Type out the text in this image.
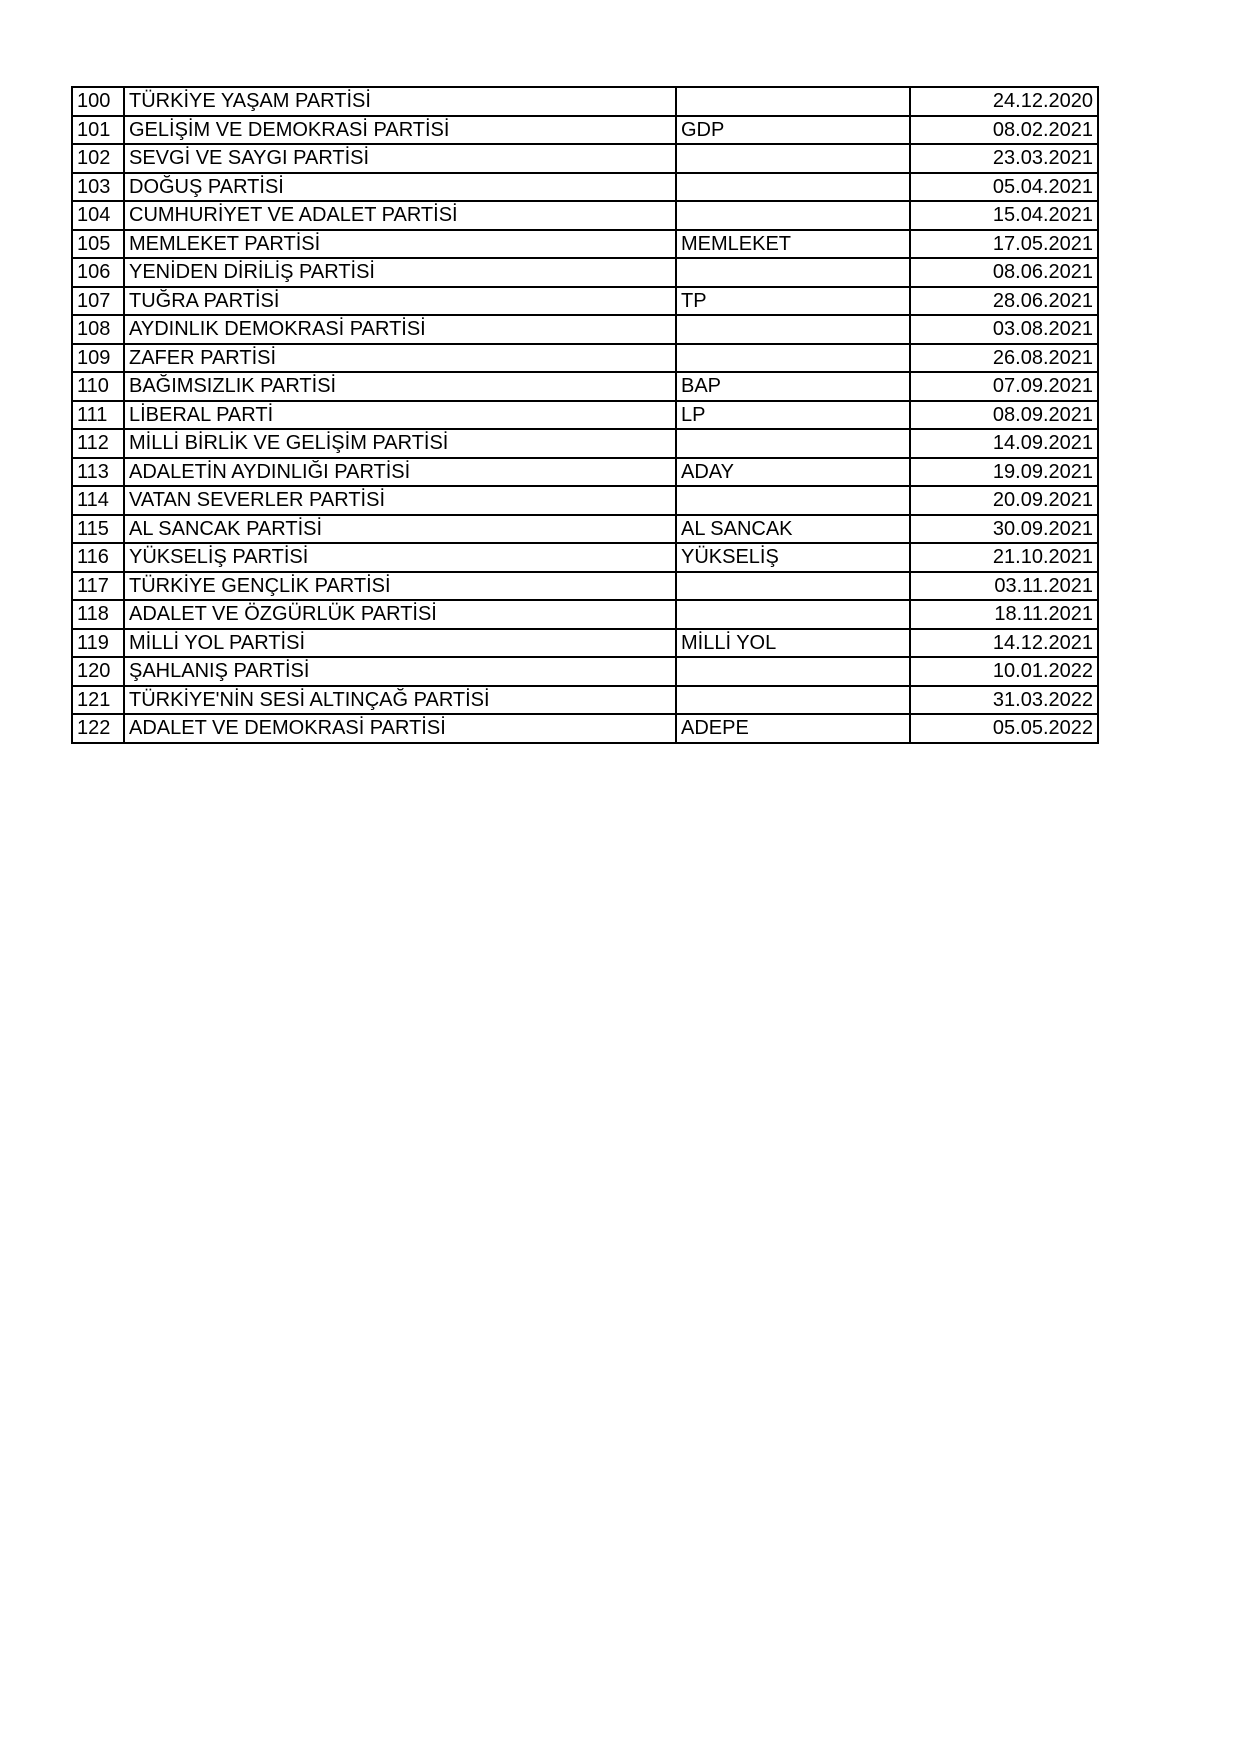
100	TÜRKİYE YAŞAM PARTİSİ		24.12.2020
101	GELİŞİM VE DEMOKRASİ PARTİSİ	GDP	08.02.2021
102	SEVGİ VE SAYGI PARTİSİ		23.03.2021
103	DOĞUŞ PARTİSİ		05.04.2021
104	CUMHURİYET VE ADALET PARTİSİ		15.04.2021
105	MEMLEKET PARTİSİ	MEMLEKET	17.05.2021
106	YENİDEN DİRİLİŞ PARTİSİ		08.06.2021
107	TUĞRA PARTİSİ	TP	28.06.2021
108	AYDINLIK DEMOKRASİ PARTİSİ		03.08.2021
109	ZAFER PARTİSİ		26.08.2021
110	BAĞIMSIZLIK PARTİSİ	BAP	07.09.2021
111	LİBERAL PARTİ	LP	08.09.2021
112	MİLLİ BİRLİK VE GELİŞİM PARTİSİ		14.09.2021
113	ADALETİN AYDINLIĞI PARTİSİ	ADAY	19.09.2021
114	VATAN SEVERLER PARTİSİ		20.09.2021
115	AL SANCAK PARTİSİ	AL SANCAK	30.09.2021
116	YÜKSELİŞ PARTİSİ	YÜKSELİŞ	21.10.2021
117	TÜRKİYE GENÇLİK PARTİSİ		03.11.2021
118	ADALET VE ÖZGÜRLÜK PARTİSİ		18.11.2021
119	MİLLİ YOL PARTİSİ	MİLLİ YOL	14.12.2021
120	ŞAHLANIŞ PARTİSİ		10.01.2022
121	TÜRKİYE'NİN SESİ ALTINÇAĞ PARTİSİ		31.03.2022
122	ADALET VE DEMOKRASİ PARTİSİ	ADEPE	05.05.2022
